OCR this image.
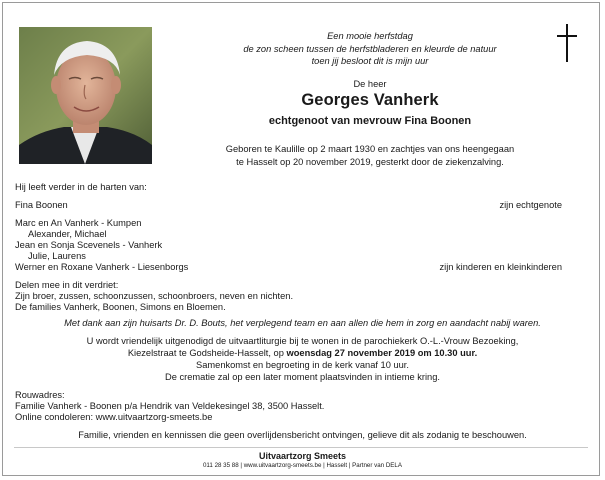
Een mooie herfstdag
de zon scheen tussen de herfstbladeren en kleurde de natuur
toen jij besloot dit is mijn uur
De heer
Georges Vanherk
echtgenoot van mevrouw Fina Boonen
Geboren te Kaulille op 2 maart 1930 en zachtjes van ons heengegaan
te Hasselt op 20 november 2019, gesterkt door de ziekenzalving.
Hij leeft verder in de harten van:
Fina Boonen	zijn echtgenote
Marc en An Vanherk - Kumpen
Alexander, Michael
Jean en Sonja Scevenels - Vanherk
Julie, Laurens
Werner en Roxane Vanherk - Liesenborgs	zijn kinderen en kleinkinderen
Delen mee in dit verdriet:
Zijn broer, zussen, schoonzussen, schoonbroers, neven en nichten.
De families Vanherk, Boonen, Simons en Bloemen.
Met dank aan zijn huisarts Dr. D. Bouts, het verplegend team en aan allen die hem in zorg en aandacht nabij waren.
U wordt vriendelijk uitgenodigd de uitvaartliturgie bij te wonen in de parochiekerk O.-L.-Vrouw Bezoeking,
Kiezelstraat te Godsheide-Hasselt, op woensdag 27 november 2019 om 10.30 uur.
Samenkomst en begroeting in de kerk vanaf 10 uur.
De crematie zal op een later moment plaatsvinden in intieme kring.
Rouwadres:
Familie Vanherk - Boonen p/a Hendrik van Veldekesingel 38, 3500 Hasselt.
Online condoleren: www.uitvaartzorg-smeets.be
Familie, vrienden en kennissen die geen overlijdensbericht ontvingen, gelieve dit als zodanig te beschouwen.
Uitvaartzorg Smeets
011 28 35 88 | www.uitvaartzorg-smeets.be | Hasselt | Partner van DELA
